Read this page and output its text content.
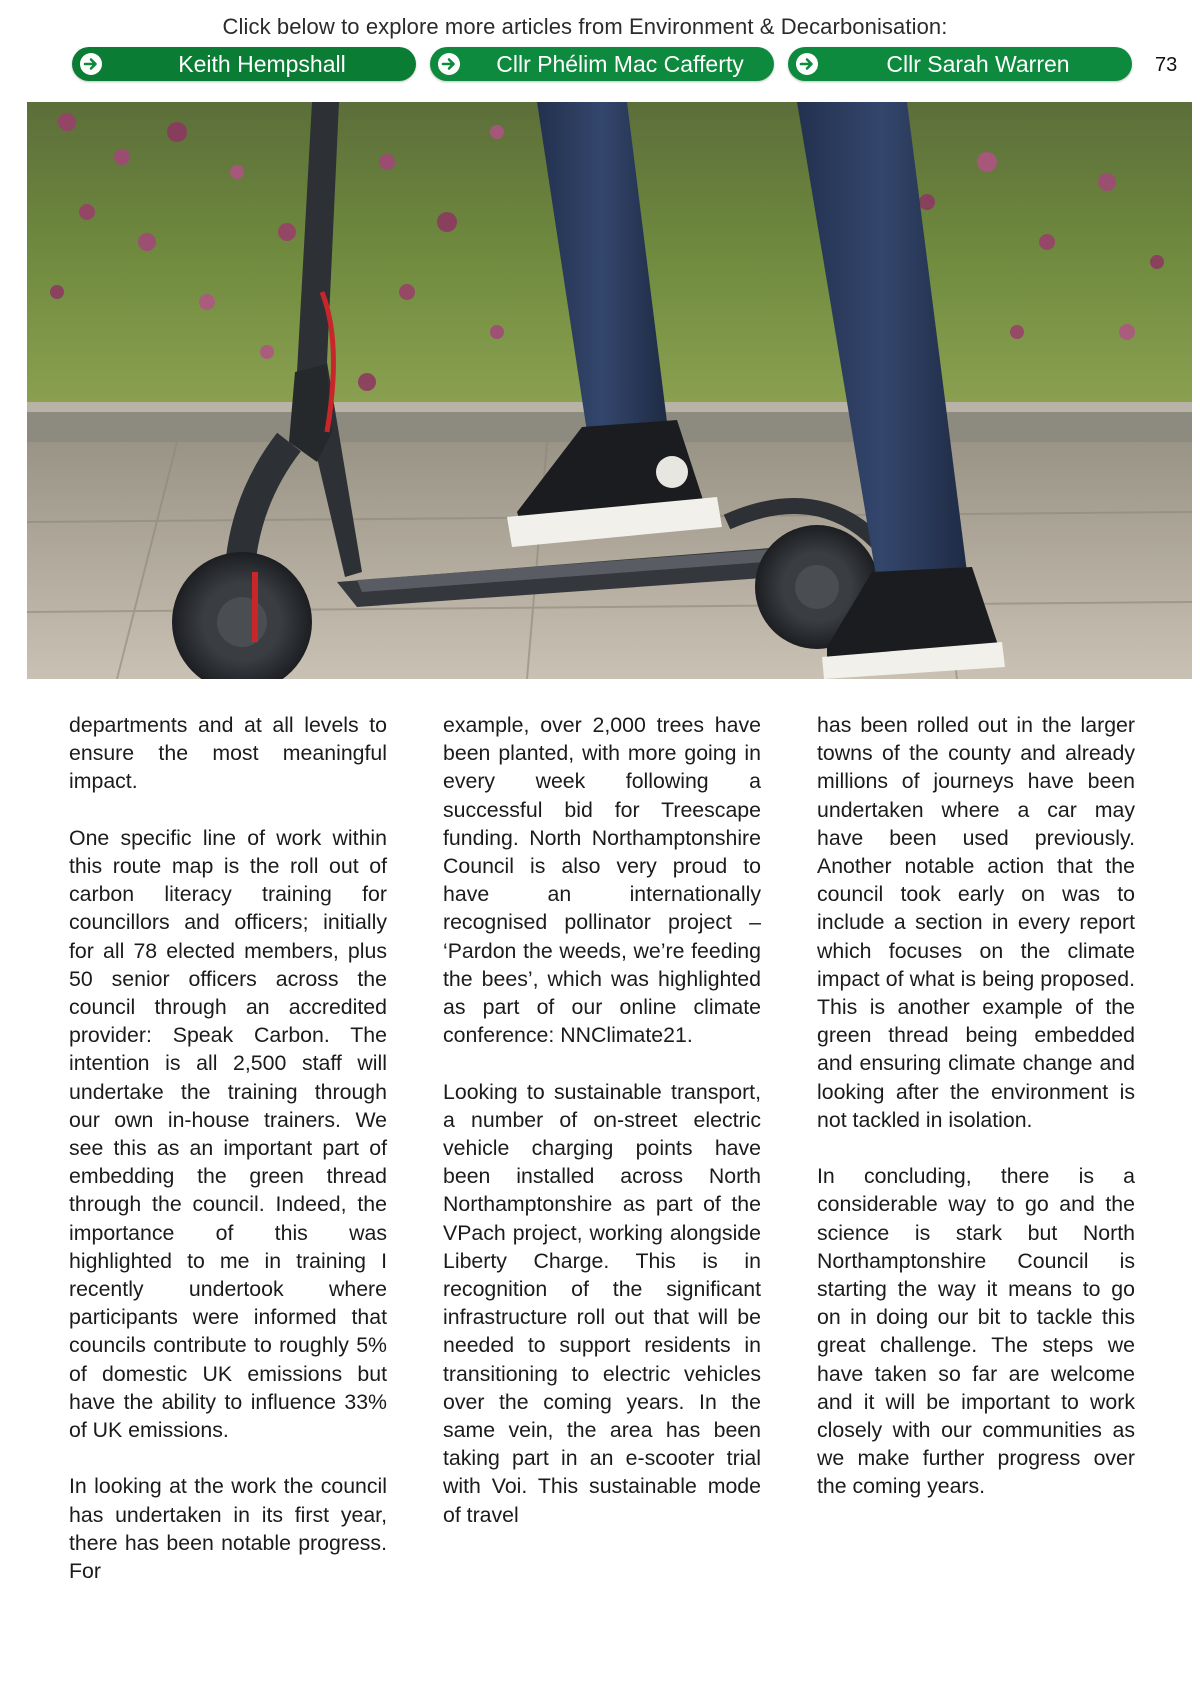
Click below to explore more articles from Environment & Decarbonisation:
Keith Hempshall	Cllr Phélim Mac Cafferty	Cllr Sarah Warren	73

departments and at all levels to ensure the most meaningful impact.

One specific line of work within this route map is the roll out of carbon literacy training for councillors and officers; initially for all 78 elected members, plus 50 senior officers across the council through an accredited provider: Speak Carbon. The intention is all 2,500 staff will undertake the training through our own in-house trainers. We see this as an important part of embedding the green thread through the council. Indeed, the importance of this was highlighted to me in training I recently undertook where participants were informed that councils contribute to roughly 5% of domestic UK emissions but have the ability to influence 33% of UK emissions.

In looking at the work the council has undertaken in its first year, there has been notable progress. For

example, over 2,000 trees have been planted, with more going in every week following a successful bid for Treescape funding. North Northamptonshire Council is also very proud to have an internationally recognised pollinator project – ‘Pardon the weeds, we’re feeding the bees’, which was highlighted as part of our online climate conference: NNClimate21.

Looking to sustainable transport, a number of on-street electric vehicle charging points have been installed across North Northamptonshire as part of the VPach project, working alongside Liberty Charge. This is in recognition of the significant infrastructure roll out that will be needed to support residents in transitioning to electric vehicles over the coming years. In the same vein, the area has been taking part in an e-scooter trial with Voi. This sustainable mode of travel

has been rolled out in the larger towns of the county and already millions of journeys have been undertaken where a car may have been used previously. Another notable action that the council took early on was to include a section in every report which focuses on the climate impact of what is being proposed. This is another example of the green thread being embedded and ensuring climate change and looking after the environment is not tackled in isolation.

In concluding, there is a considerable way to go and the science is stark but North Northamptonshire Council is starting the way it means to go on in doing our bit to tackle this great challenge. The steps we have taken so far are welcome and it will be important to work closely with our communities as we make further progress over the coming years.
